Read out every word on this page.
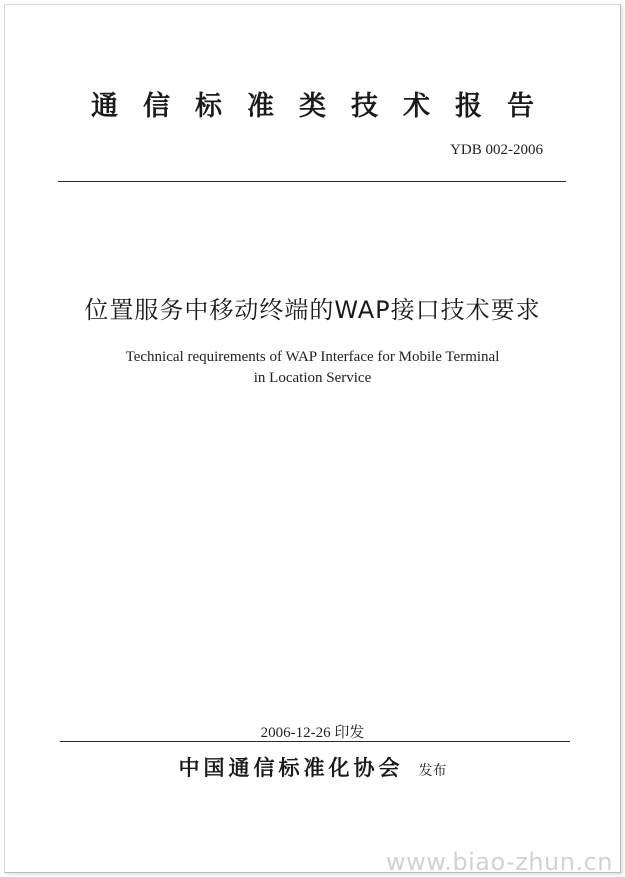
通信标准类技术报告
YDB 002-2006
位置服务中移动终端的WAP接口技术要求
Technical requirements of WAP Interface for Mobile Terminal
in Location Service
2006-12-26 印发
中国通信标准化协会 发布
www.biao-zhun.cn
